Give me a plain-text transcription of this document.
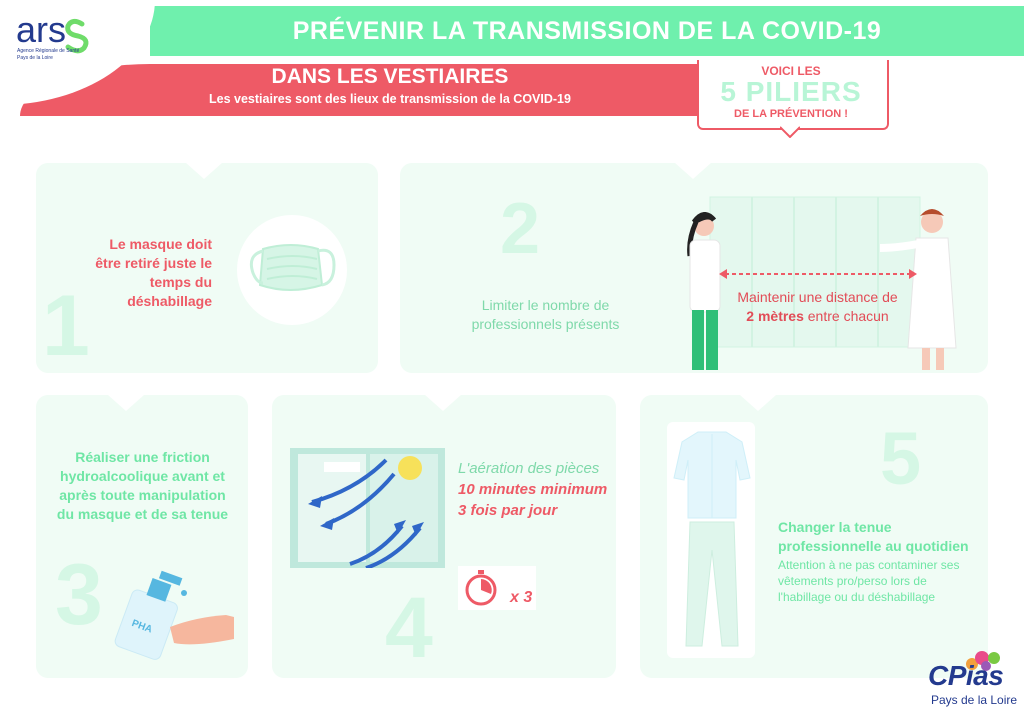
PRÉVENIR LA TRANSMISSION DE LA COVID-19
ars
Agence Régionale de Santé
Pays de la Loire
DANS LES VESTIAIRES
Les vestiaires sont des lieux de transmission de la COVID-19
VOICI LES
5 PILIERS
DE LA PRÉVENTION !
1
Le masque doit être retiré juste le temps du déshabillage
2
Limiter le nombre de professionnels présents
Maintenir une distance de 2 mètres entre chacun
Réaliser une friction hydroalcoolique avant et après toute manipulation du masque et de sa tenue
3	PHA
L'aération des pièces 10 minutes minimum 3 fois par jour
x 3
4
5
Changer la tenue professionnelle au quotidien
Attention à ne pas contaminer ses vêtements pro/perso lors de l'habillage ou du déshabillage
CPias
Pays de la Loire
